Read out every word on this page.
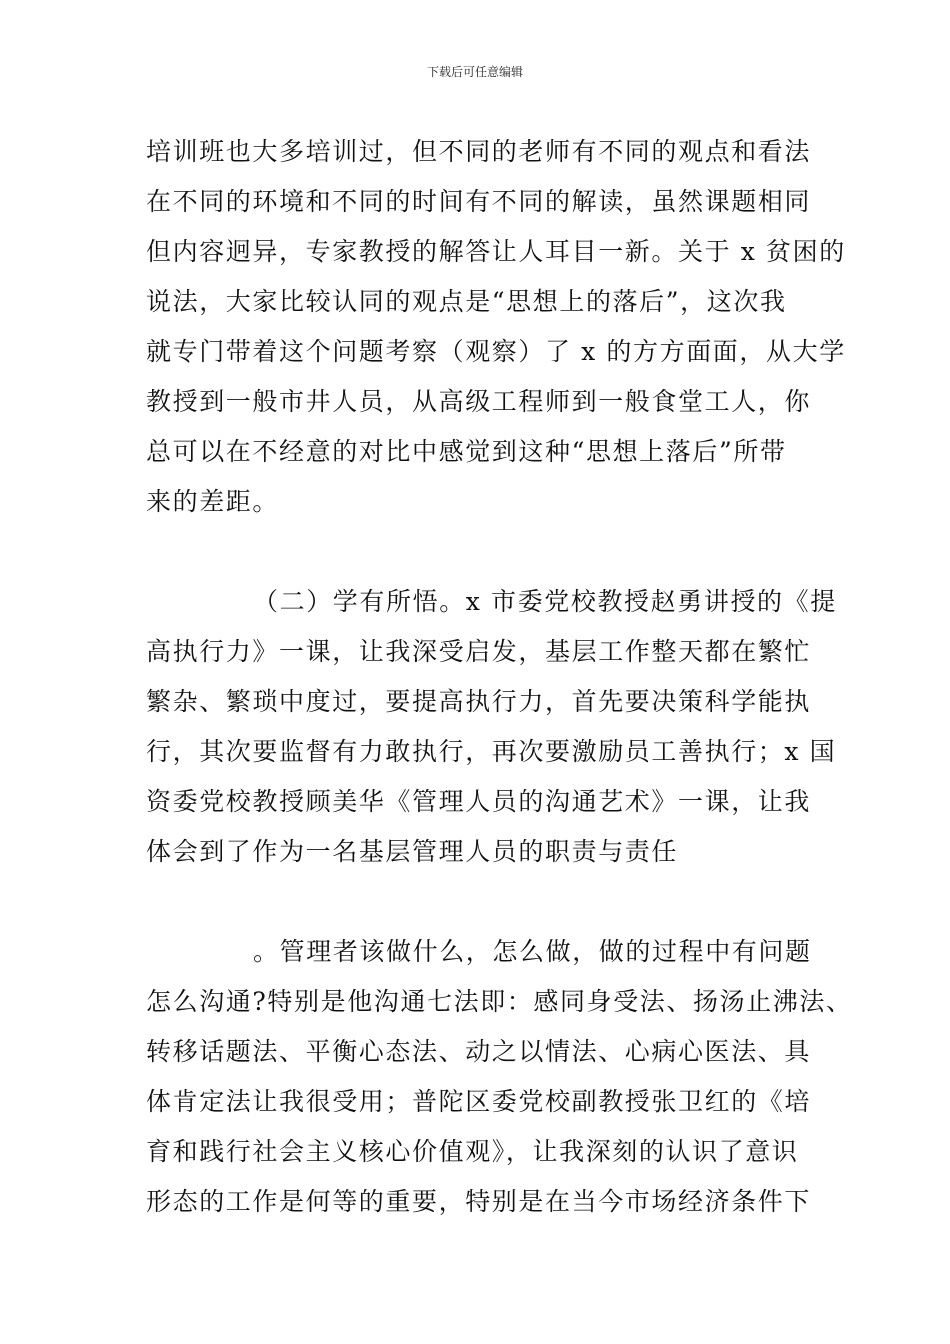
下载后可任意编辑
培训班也大多培训过，但不同的老师有不同的观点和看法
在不同的环境和不同的时间有不同的解读，虽然课题相同
但内容迥异，专家教授的解答让人耳目一新。关于 x 贫困的
说法，大家比较认同的观点是“思想上的落后”，这次我
就专门带着这个问题考察（观察）了 x 的方方面面，从大学
教授到一般市井人员，从高级工程师到一般食堂工人，你
总可以在不经意的对比中感觉到这种“思想上落后”所带
来的差距。
（二）学有所悟。x 市委党校教授赵勇讲授的《提
高执行力》一课，让我深受启发，基层工作整天都在繁忙
繁杂、繁琐中度过，要提高执行力，首先要决策科学能执
行，其次要监督有力敢执行，再次要激励员工善执行；x 国
资委党校教授顾美华《管理人员的沟通艺术》一课，让我
体会到了作为一名基层管理人员的职责与责任
。管理者该做什么，怎么做，做的过程中有问题
怎么沟通?特别是他沟通七法即：感同身受法、扬汤止沸法、
转移话题法、平衡心态法、动之以情法、心病心医法、具
体肯定法让我很受用；普陀区委党校副教授张卫红的《培
育和践行社会主义核心价值观》，让我深刻的认识了意识
形态的工作是何等的重要，特别是在当今市场经济条件下
